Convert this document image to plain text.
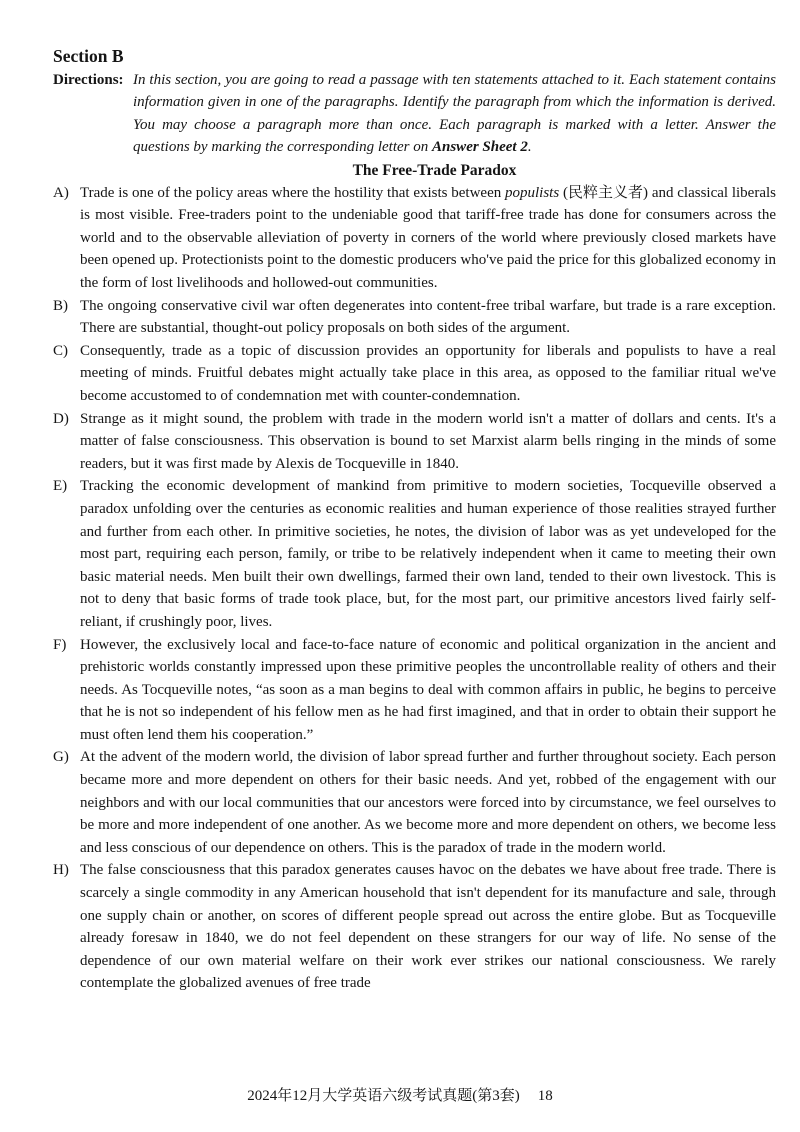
Section B
Directions: In this section, you are going to read a passage with ten statements attached to it. Each statement contains information given in one of the paragraphs. Identify the paragraph from which the information is derived. You may choose a paragraph more than once. Each paragraph is marked with a letter. Answer the questions by marking the corresponding letter on Answer Sheet 2.
The Free-Trade Paradox
A) Trade is one of the policy areas where the hostility that exists between populists (民粹主义者) and classical liberals is most visible. Free-traders point to the undeniable good that tariff-free trade has done for consumers across the world and to the observable alleviation of poverty in corners of the world where previously closed markets have been opened up. Protectionists point to the domestic producers who've paid the price for this globalized economy in the form of lost livelihoods and hollowed-out communities.
B) The ongoing conservative civil war often degenerates into content-free tribal warfare, but trade is a rare exception. There are substantial, thought-out policy proposals on both sides of the argument.
C) Consequently, trade as a topic of discussion provides an opportunity for liberals and populists to have a real meeting of minds. Fruitful debates might actually take place in this area, as opposed to the familiar ritual we've become accustomed to of condemnation met with counter-condemnation.
D) Strange as it might sound, the problem with trade in the modern world isn't a matter of dollars and cents. It's a matter of false consciousness. This observation is bound to set Marxist alarm bells ringing in the minds of some readers, but it was first made by Alexis de Tocqueville in 1840.
E) Tracking the economic development of mankind from primitive to modern societies, Tocqueville observed a paradox unfolding over the centuries as economic realities and human experience of those realities strayed further and further from each other. In primitive societies, he notes, the division of labor was as yet undeveloped for the most part, requiring each person, family, or tribe to be relatively independent when it came to meeting their own basic material needs. Men built their own dwellings, farmed their own land, tended to their own livestock. This is not to deny that basic forms of trade took place, but, for the most part, our primitive ancestors lived fairly self-reliant, if crushingly poor, lives.
F) However, the exclusively local and face-to-face nature of economic and political organization in the ancient and prehistoric worlds constantly impressed upon these primitive peoples the uncontrollable reality of others and their needs. As Tocqueville notes, “as soon as a man begins to deal with common affairs in public, he begins to perceive that he is not so independent of his fellow men as he had first imagined, and that in order to obtain their support he must often lend them his cooperation.”
G) At the advent of the modern world, the division of labor spread further and further throughout society. Each person became more and more dependent on others for their basic needs. And yet, robbed of the engagement with our neighbors and with our local communities that our ancestors were forced into by circumstance, we feel ourselves to be more and more independent of one another. As we become more and more dependent on others, we become less and less conscious of our dependence on others. This is the paradox of trade in the modern world.
H) The false consciousness that this paradox generates causes havoc on the debates we have about free trade. There is scarcely a single commodity in any American household that isn't dependent for its manufacture and sale, through one supply chain or another, on scores of different people spread out across the entire globe. But as Tocqueville already foresaw in 1840, we do not feel dependent on these strangers for our way of life. No sense of the dependence of our own material welfare on their work ever strikes our national consciousness. We rarely contemplate the globalized avenues of free trade
2024年12月大学英语六级考试真题(第3套) 18
